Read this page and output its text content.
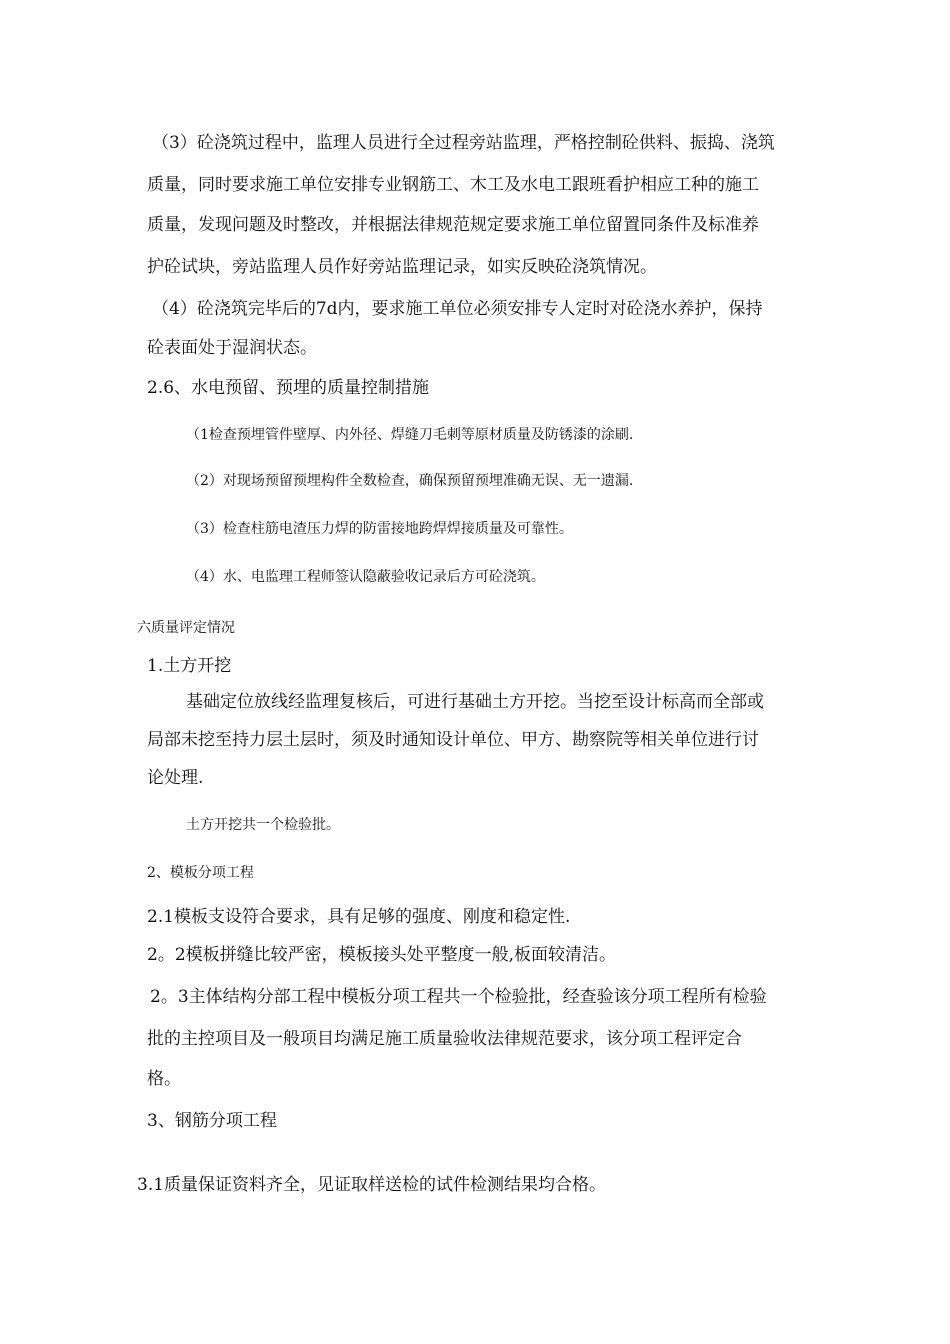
（3）砼浇筑过程中，监理人员进行全过程旁站监理，严格控制砼供料、振捣、浇筑
质量，同时要求施工单位安排专业钢筋工、木工及水电工跟班看护相应工种的施工
质量，发现问题及时整改，并根据法律规范规定要求施工单位留置同条件及标准养
护砼试块，旁站监理人员作好旁站监理记录，如实反映砼浇筑情况。
（4）砼浇筑完毕后的7d内，要求施工单位必须安排专人定时对砼浇水养护，保持
砼表面处于湿润状态。
2.6、水电预留、预埋的质量控制措施
（1检查预埋管件壁厚、内外径、焊缝刀毛刺等原材质量及防锈漆的涂刷.
（2）对现场预留预埋构件全数检查，确保预留预埋准确无误、无一遗漏.
（3）检查柱筋电渣压力焊的防雷接地跨焊焊接质量及可靠性。
（4）水、电监理工程师签认隐蔽验收记录后方可砼浇筑。
六质量评定情况
1.土方开挖
基础定位放线经监理复核后，可进行基础土方开挖。当挖至设计标高而全部或
局部未挖至持力层土层时，须及时通知设计单位、甲方、勘察院等相关单位进行讨
论处理.
土方开挖共一个检验批。
2、模板分项工程
2.1模板支设符合要求，具有足够的强度、刚度和稳定性.
2。2模板拼缝比较严密，模板接头处平整度一般,板面较清洁。
2。3主体结构分部工程中模板分项工程共一个检验批，经查验该分项工程所有检验
批的主控项目及一般项目均满足施工质量验收法律规范要求，该分项工程评定合
格。
3、钢筋分项工程
3.1质量保证资料齐全，见证取样送检的试件检测结果均合格。
